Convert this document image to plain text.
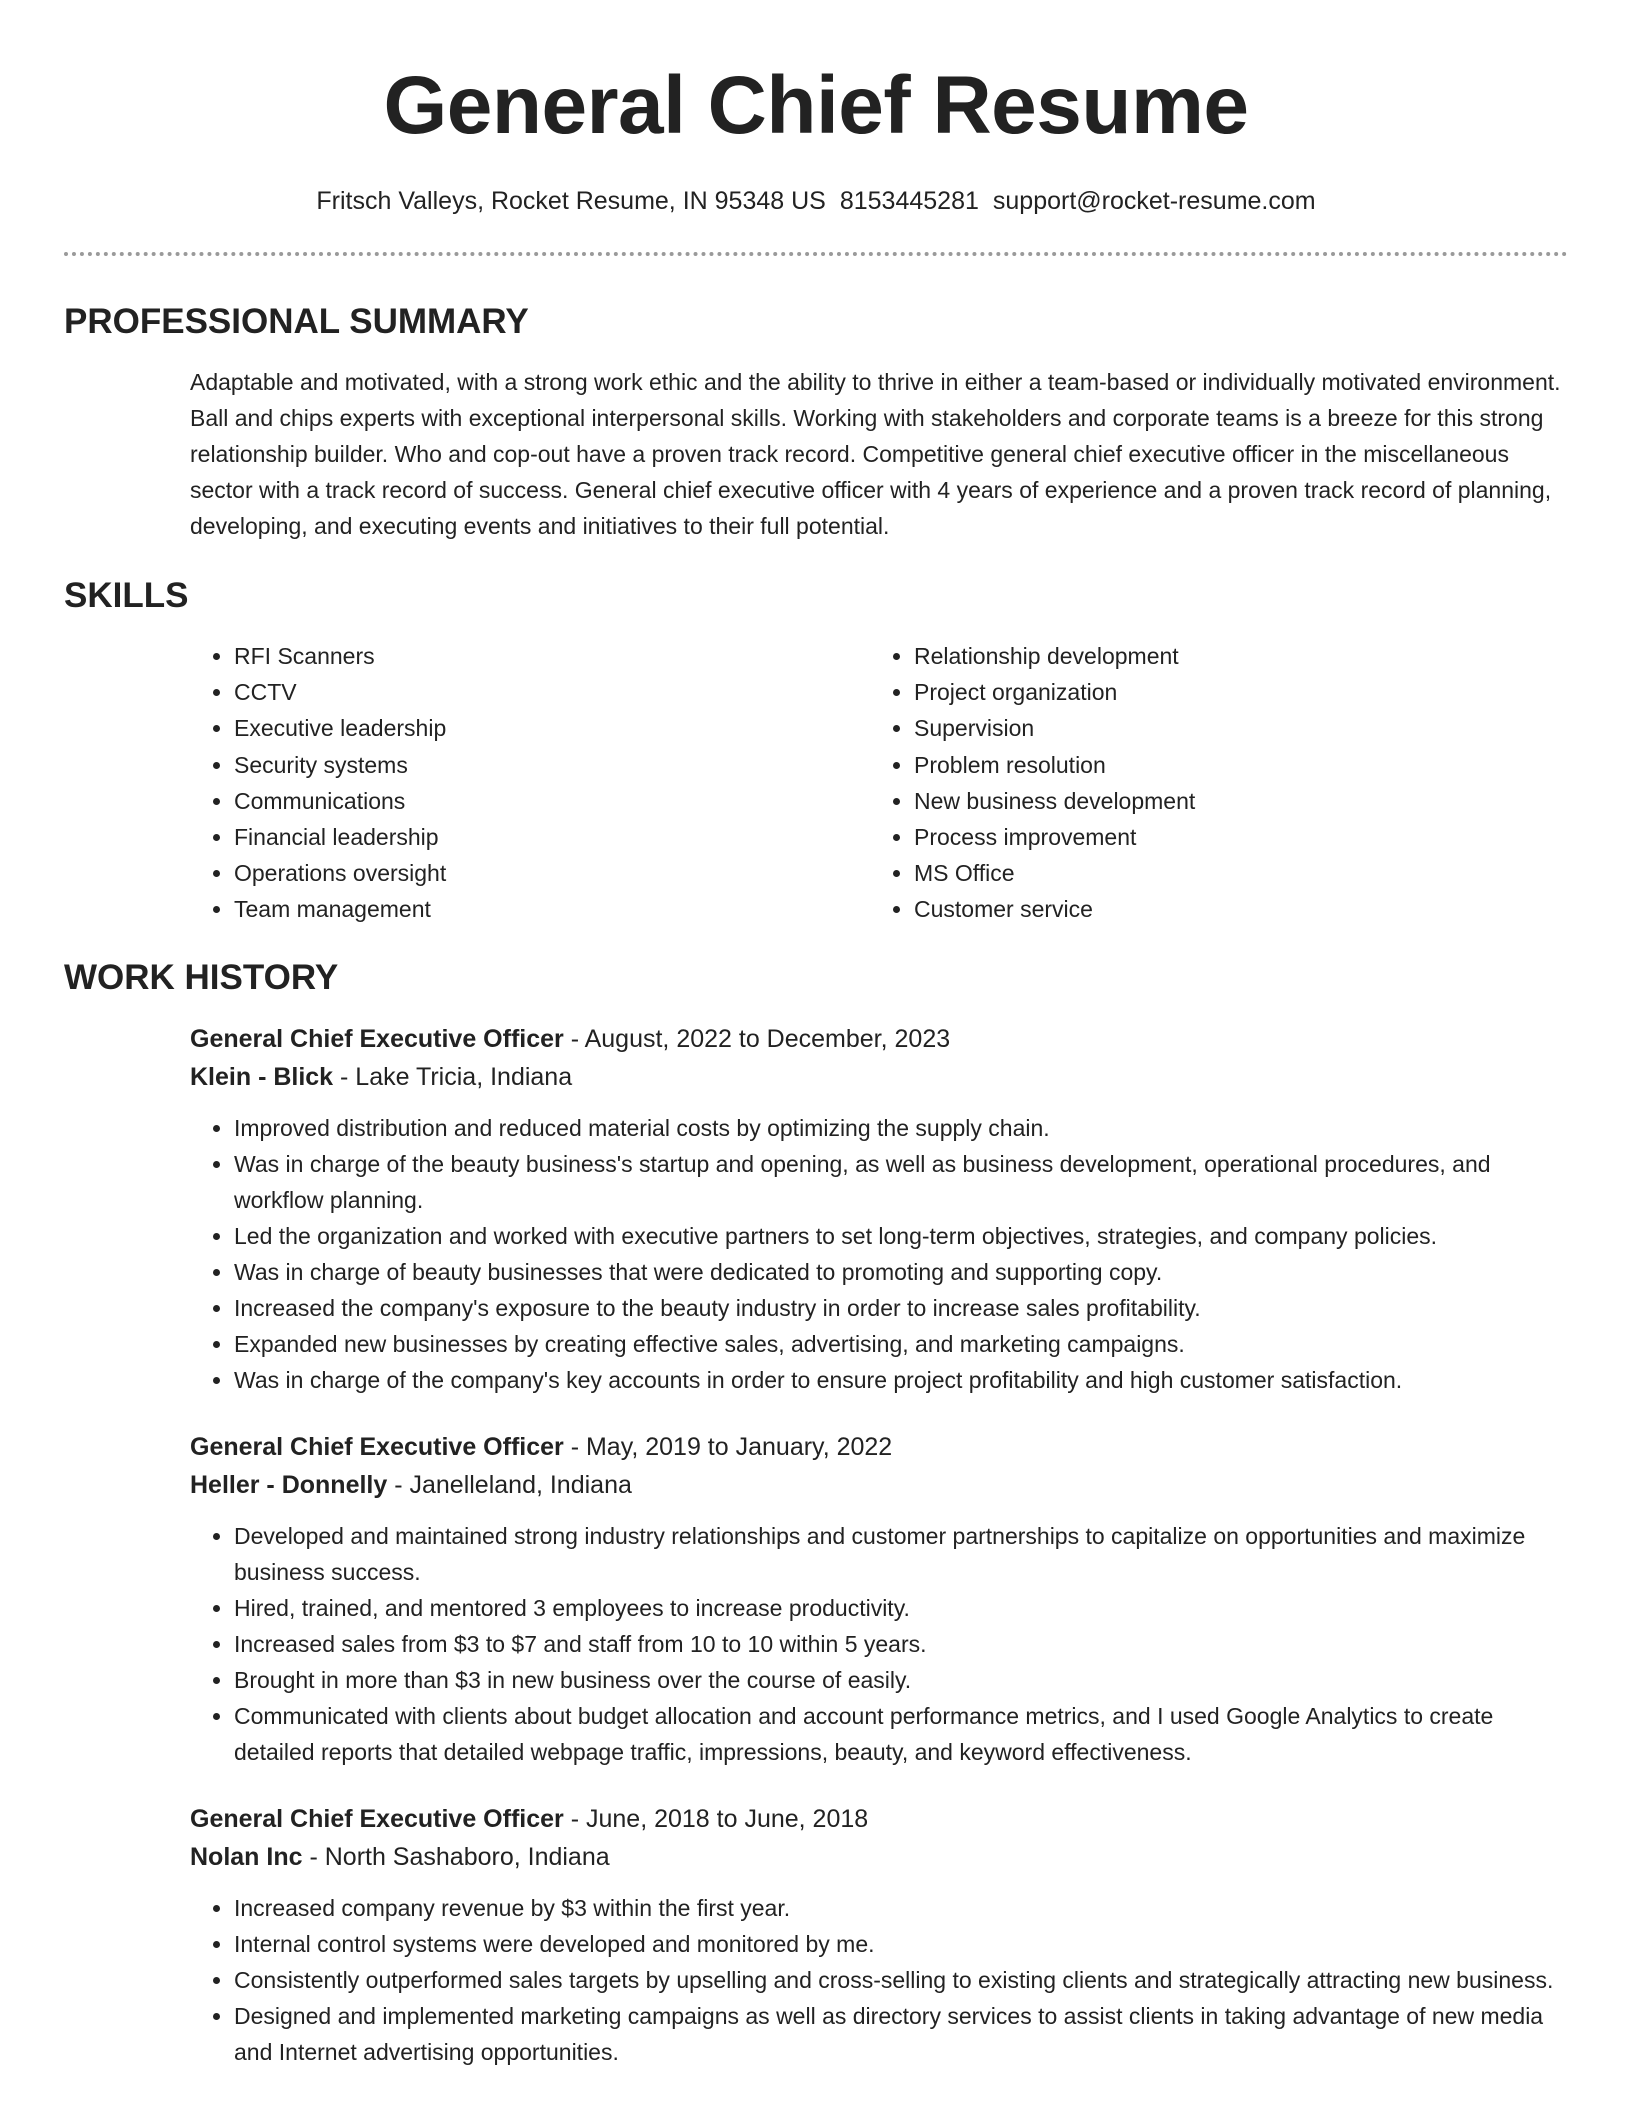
General Chief Resume
Fritsch Valleys, Rocket Resume, IN 95348 US 8153445281 support@rocket-resume.com
PROFESSIONAL SUMMARY

Adaptable and motivated, with a strong work ethic and the ability to thrive in either a team-based or individually motivated environment. Ball and chips experts with exceptional interpersonal skills. Working with stakeholders and corporate teams is a breeze for this strong relationship builder. Who and cop-out have a proven track record. Competitive general chief executive officer in the miscellaneous sector with a track record of success. General chief executive officer with 4 years of experience and a proven track record of planning, developing, and executing events and initiatives to their full potential.

SKILLS
• RFI Scanners
• CCTV
• Executive leadership
• Security systems
• Communications
• Financial leadership
• Operations oversight
• Team management
• Relationship development
• Project organization
• Supervision
• Problem resolution
• New business development
• Process improvement
• MS Office
• Customer service
WORK HISTORY
General Chief Executive Officer - August, 2022 to December, 2023
Klein - Blick - Lake Tricia, Indiana
• Improved distribution and reduced material costs by optimizing the supply chain.
• Was in charge of the beauty business's startup and opening, as well as business development, operational procedures, and workflow planning.
• Led the organization and worked with executive partners to set long-term objectives, strategies, and company policies.
• Was in charge of beauty businesses that were dedicated to promoting and supporting copy.
• Increased the company's exposure to the beauty industry in order to increase sales profitability.
• Expanded new businesses by creating effective sales, advertising, and marketing campaigns.
• Was in charge of the company's key accounts in order to ensure project profitability and high customer satisfaction.
General Chief Executive Officer - May, 2019 to January, 2022
Heller - Donnelly - Janelleland, Indiana
• Developed and maintained strong industry relationships and customer partnerships to capitalize on opportunities and maximize business success.
• Hired, trained, and mentored 3 employees to increase productivity.
• Increased sales from $3 to $7 and staff from 10 to 10 within 5 years.
• Brought in more than $3 in new business over the course of easily.
• Communicated with clients about budget allocation and account performance metrics, and I used Google Analytics to create detailed reports that detailed webpage traffic, impressions, beauty, and keyword effectiveness.
General Chief Executive Officer - June, 2018 to June, 2018
Nolan Inc - North Sashaboro, Indiana
• Increased company revenue by $3 within the first year.
• Internal control systems were developed and monitored by me.
• Consistently outperformed sales targets by upselling and cross-selling to existing clients and strategically attracting new business.
• Designed and implemented marketing campaigns as well as directory services to assist clients in taking advantage of new media and Internet advertising opportunities.
